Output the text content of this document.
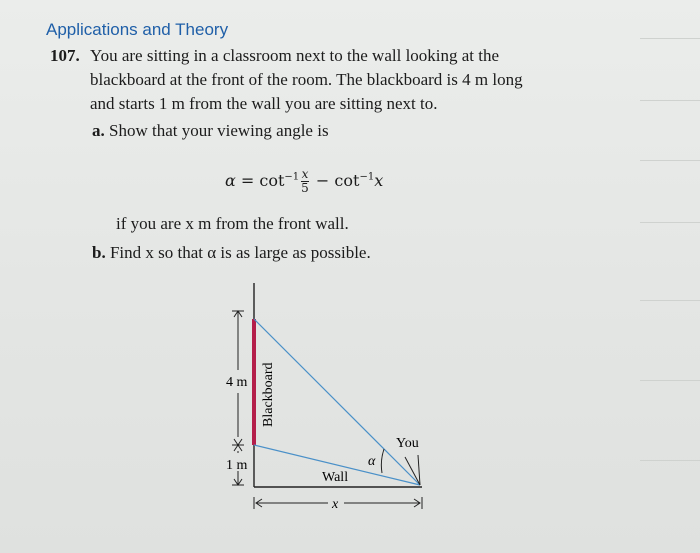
Applications and Theory
107. You are sitting in a classroom next to the wall looking at the
blackboard at the front of the room. The blackboard is 4 m long
and starts 1 m from the wall you are sitting next to.
a. Show that your viewing angle is
$\alpha = \cot^{-1} \frac{x}{5} - \cot^{-1}x$
if you are x m from the front wall.
b. Find x so that α is as large as possible.
4 m
1 m
Blackboard
Wall
α
You
x
